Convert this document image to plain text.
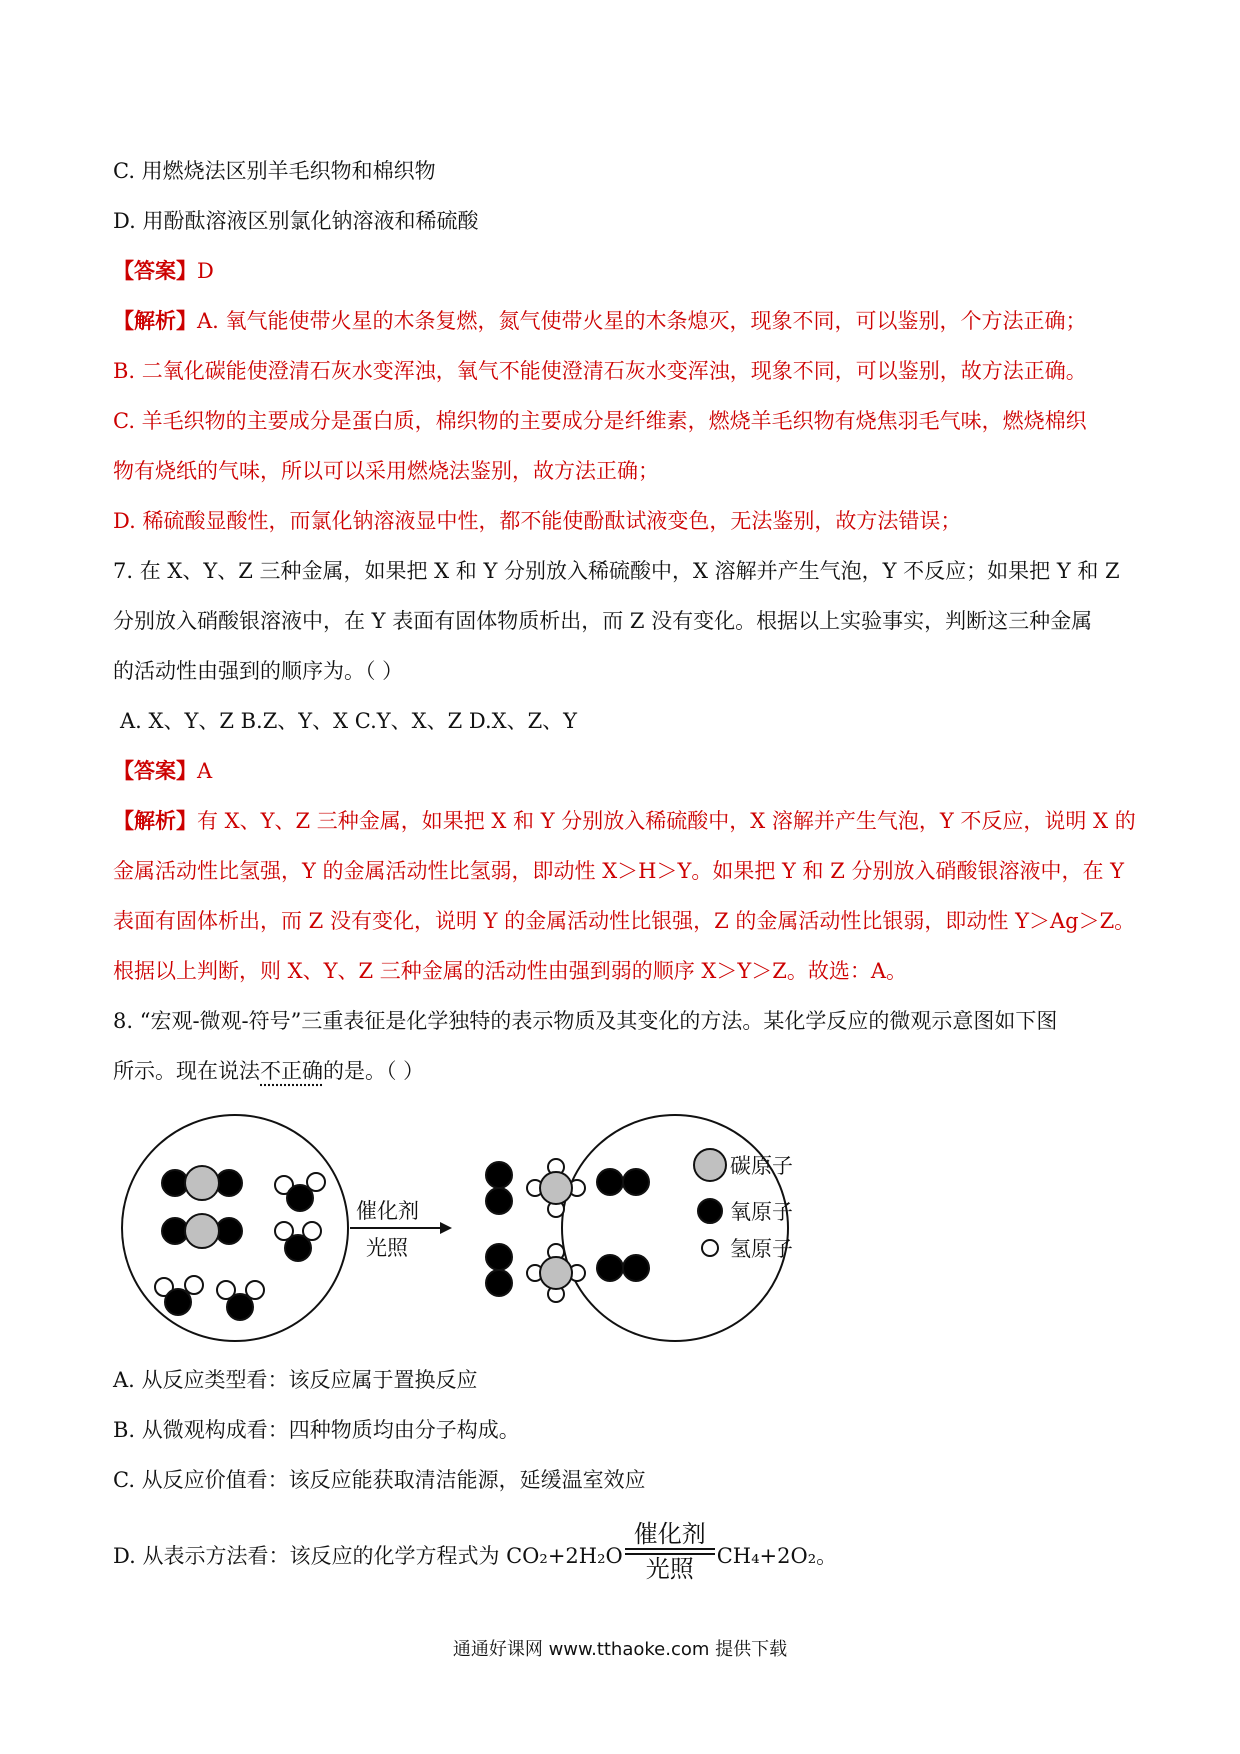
C. 用燃烧法区别羊毛织物和棉织物
D. 用酚酞溶液区别氯化钠溶液和稀硫酸
【答案】D
【解析】A. 氧气能使带火星的木条复燃，氮气使带火星的木条熄灭，现象不同，可以鉴别，个方法正确；
B. 二氧化碳能使澄清石灰水变浑浊，氧气不能使澄清石灰水变浑浊，现象不同，可以鉴别，故方法正确。
C. 羊毛织物的主要成分是蛋白质，棉织物的主要成分是纤维素，燃烧羊毛织物有烧焦羽毛气味，燃烧棉织
物有烧纸的气味，所以可以采用燃烧法鉴别，故方法正确；
D. 稀硫酸显酸性，而氯化钠溶液显中性，都不能使酚酞试液变色，无法鉴别，故方法错误；
7. 在 X、Y、Z 三种金属，如果把 X 和 Y 分别放入稀硫酸中，X 溶解并产生气泡，Y 不反应；如果把 Y 和 Z
分别放入硝酸银溶液中，在 Y 表面有固体物质析出，而 Z 没有变化。根据以上实验事实，判断这三种金属
的活动性由强到的顺序为。（ ）
A. X、Y、Z B.Z、Y、X C.Y、X、Z D.X、Z、Y
【答案】A
【解析】有 X、Y、Z 三种金属，如果把 X 和 Y 分别放入稀硫酸中，X 溶解并产生气泡，Y 不反应，说明 X 的
金属活动性比氢强，Y 的金属活动性比氢弱，即动性 X＞H＞Y。如果把 Y 和 Z 分别放入硝酸银溶液中，在 Y
表面有固体析出，而 Z 没有变化，说明 Y 的金属活动性比银强，Z 的金属活动性比银弱，即动性 Y＞Ag＞Z。
根据以上判断，则 X、Y、Z 三种金属的活动性由强到弱的顺序 X＞Y＞Z。故选：A。
8. “宏观-微观-符号”三重表征是化学独特的表示物质及其变化的方法。某化学反应的微观示意图如下图
所示。现在说法不正确的是。（ ）
催化剂
光照
碳原子
氧原子
氢原子
A. 从反应类型看：该反应属于置换反应
B. 从微观构成看：四种物质均由分子构成。
C. 从反应价值看：该反应能获取清洁能源，延缓温室效应
D. 从表示方法看：该反应的化学方程式为 CO₂+2H₂O
催化剂
光照 CH₄+2O₂。
通通好课网 www.tthaoke.com 提供下载
